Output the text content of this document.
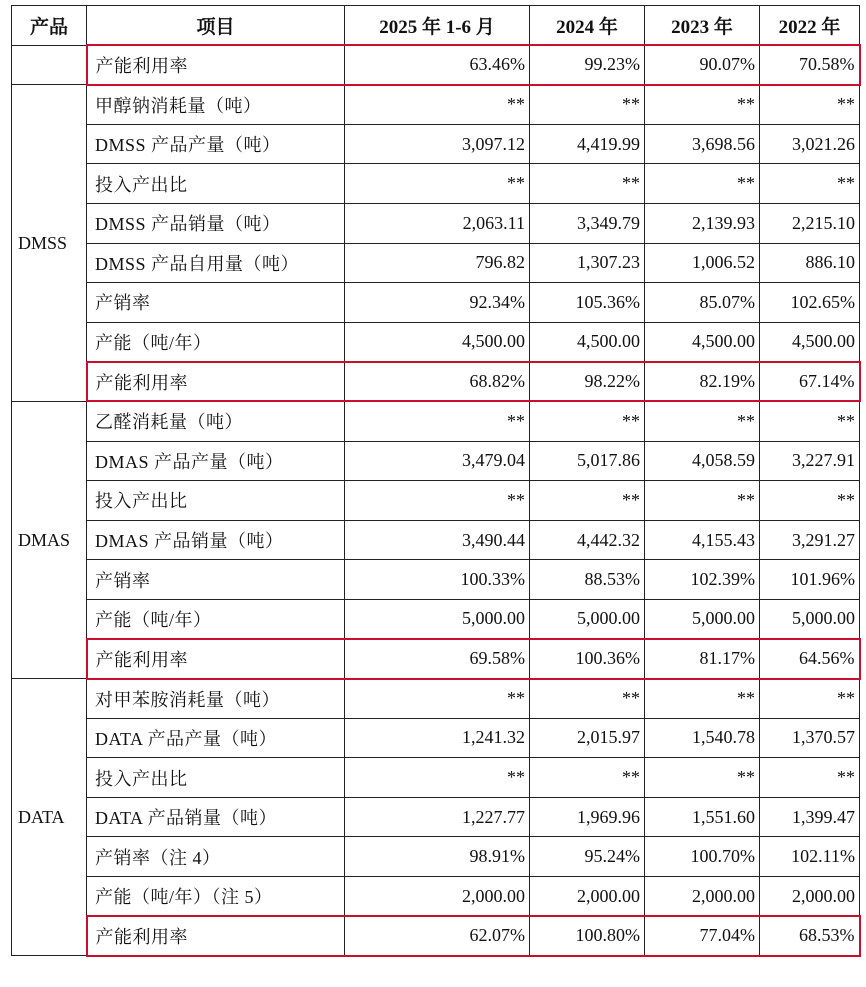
产品	项目	2025 年 1-6 月	2024 年	2023 年	2022 年
	产能利用率	63.46%	99.23%	90.07%	70.58%
DMSS	甲醇钠消耗量（吨）	**	**	**	**
	DMSS 产品产量（吨）	3,097.12	4,419.99	3,698.56	3,021.26
	投入产出比	**	**	**	**
	DMSS 产品销量（吨）	2,063.11	3,349.79	2,139.93	2,215.10
	DMSS 产品自用量（吨）	796.82	1,307.23	1,006.52	886.10
	产销率	92.34%	105.36%	85.07%	102.65%
	产能（吨/年）	4,500.00	4,500.00	4,500.00	4,500.00
	产能利用率	68.82%	98.22%	82.19%	67.14%
DMAS	乙醛消耗量（吨）	**	**	**	**
	DMAS 产品产量（吨）	3,479.04	5,017.86	4,058.59	3,227.91
	投入产出比	**	**	**	**
	DMAS 产品销量（吨）	3,490.44	4,442.32	4,155.43	3,291.27
	产销率	100.33%	88.53%	102.39%	101.96%
	产能（吨/年）	5,000.00	5,000.00	5,000.00	5,000.00
	产能利用率	69.58%	100.36%	81.17%	64.56%
DATA	对甲苯胺消耗量（吨）	**	**	**	**
	DATA 产品产量（吨）	1,241.32	2,015.97	1,540.78	1,370.57
	投入产出比	**	**	**	**
	DATA 产品销量（吨）	1,227.77	1,969.96	1,551.60	1,399.47
	产销率（注 4）	98.91%	95.24%	100.70%	102.11%
	产能（吨/年）（注 5）	2,000.00	2,000.00	2,000.00	2,000.00
	产能利用率	62.07%	100.80%	77.04%	68.53%
